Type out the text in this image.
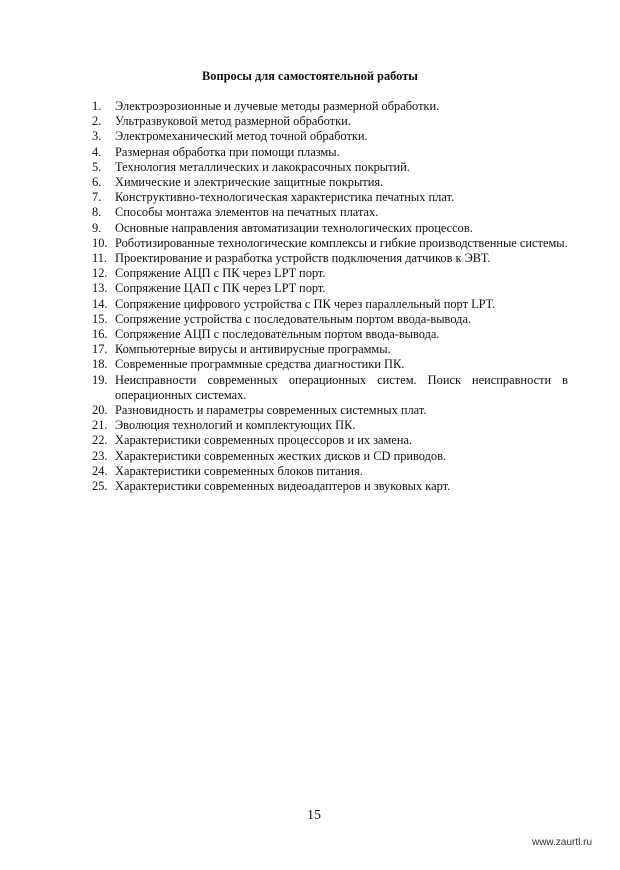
Вопросы для самостоятельной работы
1.	Электроэрозионные и лучевые методы размерной обработки.
2.	Ультразвуковой метод размерной обработки.
3.	Электромеханический метод точной обработки.
4.	Размерная обработка при помощи плазмы.
5.	Технология металлических и лакокрасочных покрытий.
6.	Химические и электрические защитные покрытия.
7.	Конструктивно-технологическая характеристика печатных плат.
8.	Способы монтажа элементов на печатных платах.
9.	Основные направления автоматизации технологических процессов.
10. Роботизированные технологические комплексы и гибкие производственные системы.
11. Проектирование и разработка устройств подключения датчиков к ЭВТ.
12. Сопряжение АЦП с ПК через LPT порт.
13. Сопряжение ЦАП с ПК через LPT порт.
14. Сопряжение цифрового устройства с ПК через параллельный порт LPT.
15. Сопряжение устройства с последовательным портом ввода-вывода.
16. Сопряжение АЦП с последовательным портом ввода-вывода.
17. Компьютерные вирусы и антивирусные программы.
18. Современные программные средства диагностики ПК.
19. Неисправности современных операционных систем. Поиск неисправности в операционных системах.
20. Разновидность и параметры современных системных плат.
21. Эволюция технологий и комплектующих ПК.
22. Характеристики современных процессоров и их замена.
23. Характеристики современных жестких дисков и CD приводов.
24. Характеристики современных блоков питания.
25. Характеристики современных видеоадаптеров и звуковых карт.
15
www.zaurtl.ru
